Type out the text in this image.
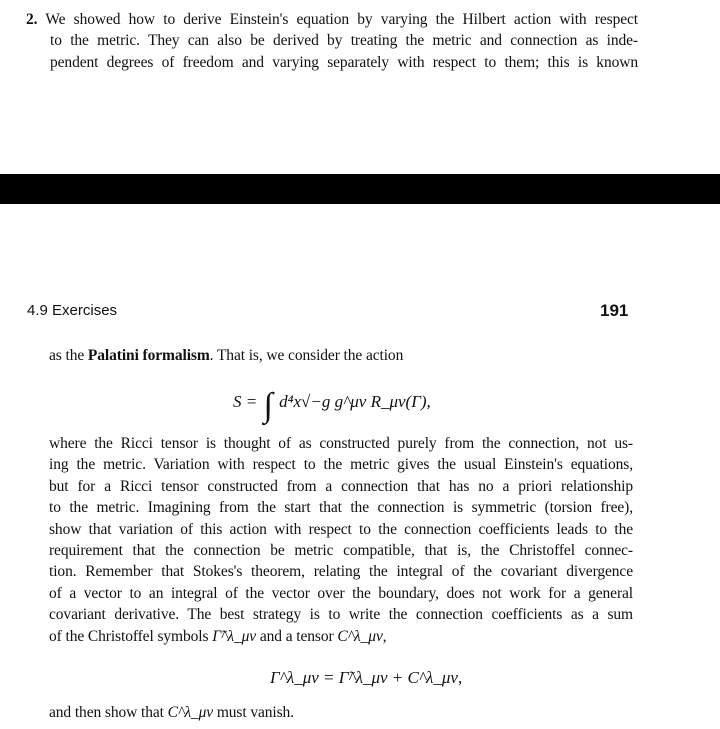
2. We showed how to derive Einstein's equation by varying the Hilbert action with respect
to the metric. They can also be derived by treating the metric and connection as inde-
pendent degrees of freedom and varying separately with respect to them; this is known
4.9 Exercises	191
as the Palatini formalism. That is, we consider the action
S = ∫ d⁴x√−g g^μν R_μν(Γ),
where the Ricci tensor is thought of as constructed purely from the connection, not us-
ing the metric. Variation with respect to the metric gives the usual Einstein's equations,
but for a Ricci tensor constructed from a connection that has no a priori relationship
to the metric. Imagining from the start that the connection is symmetric (torsion free),
show that variation of this action with respect to the connection coefficients leads to the
requirement that the connection be metric compatible, that is, the Christoffel connec-
tion. Remember that Stokes's theorem, relating the integral of the covariant divergence
of a vector to an integral of the vector over the boundary, does not work for a general
covariant derivative. The best strategy is to write the connection coefficients as a sum
of the Christoffel symbols Γ̃^λ_μν and a tensor C^λ_μν,
Γ^λ_μν = Γ̃^λ_μν + C^λ_μν,
and then show that C^λ_μν must vanish.
